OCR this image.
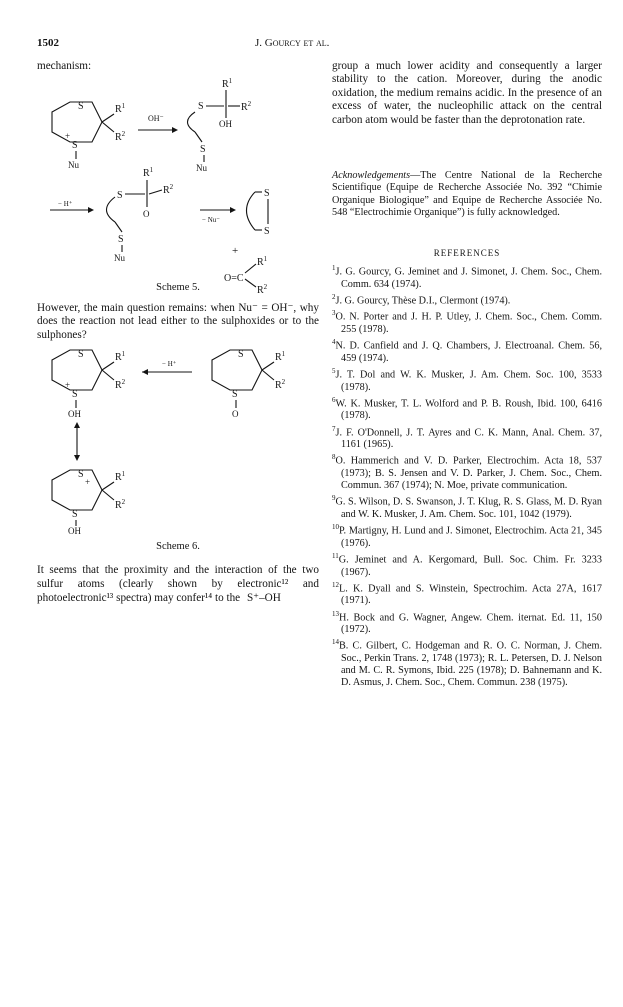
1502	J. Gourcy et al.
mechanism:
S
S
+
Nu
$R^1$
$R^2$
OH⁻
S
$R^1$
$R^2$
OH
S
Nu
− H⁺
S
$R^1$
$R^2$
O
S
Nu
− Nu⁻
S
S
+
O=C
$R^1$
$R^2$
Scheme 5.
However, the main question remains: when Nu⁻ = OH⁻, why does the reaction not lead either to the sulphoxides or to the sulphones?
S
S
+
OH
$R^1$
$R^2$
− H⁺
S
S
O
$R^1$
$R^2$
S
S
+
OH
$R^1$
$R^2$
Scheme 6.
It seems that the proximity and the interaction of the two sulfur atoms (clearly shown by electronic¹² and photoelectronic¹³ spectra) may confer¹⁴ to the S⁺–OH
group a much lower acidity and consequently a larger stability to the cation. Moreover, during the anodic oxidation, the medium remains acidic. In the presence of an excess of water, the nucleophilic attack on the central carbon atom would be faster than the deprotonation rate.
Acknowledgements—The Centre National de la Recherche Scientifique (Equipe de Recherche Associée No. 392 “Chimie Organique Biologique” and Equipe de Recherche Associée No. 548 “Electrochimie Organique”) is fully acknowledged.
REFERENCES

$^1$J. G. Gourcy, G. Jeminet and J. Simonet, J. Chem. Soc., Chem. Comm. 634 (1974).

$^2$J. G. Gourcy, Thèse D.I., Clermont (1974).

$^3$O. N. Porter and J. H. P. Utley, J. Chem. Soc., Chem. Comm. 255 (1978).

$^4$N. D. Canfield and J. Q. Chambers, J. Electroanal. Chem. 56, 459 (1974).

$^5$J. T. Dol and W. K. Musker, J. Am. Chem. Soc. 100, 3533 (1978).

$^6$W. K. Musker, T. L. Wolford and P. B. Roush, Ibid. 100, 6416 (1978).

$^7$J. F. O'Donnell, J. T. Ayres and C. K. Mann, Anal. Chem. 37, 1161 (1965).

$^8$O. Hammerich and V. D. Parker, Electrochim. Acta 18, 537 (1973); B. S. Jensen and V. D. Parker, J. Chem. Soc., Chem. Commun. 367 (1974); N. Moe, private communication.

$^9$G. S. Wilson, D. S. Swanson, J. T. Klug, R. S. Glass, M. D. Ryan and W. K. Musker, J. Am. Chem. Soc. 101, 1042 (1979).

$^{10}$P. Martigny, H. Lund and J. Simonet, Electrochim. Acta 21, 345 (1976).

$^{11}$G. Jeminet and A. Kergomard, Bull. Soc. Chim. Fr. 3233 (1967).

$^{12}$L. K. Dyall and S. Winstein, Spectrochim. Acta 27A, 1617 (1971).

$^{13}$H. Bock and G. Wagner, Angew. Chem. iternat. Ed. 11, 150 (1972).

$^{14}$B. C. Gilbert, C. Hodgeman and R. O. C. Norman, J. Chem. Soc., Perkin Trans. 2, 1748 (1973); R. L. Petersen, D. J. Nelson and M. C. R. Symons, Ibid. 225 (1978); D. Bahnemann and K. D. Asmus, J. Chem. Soc., Chem. Commun. 238 (1975).
